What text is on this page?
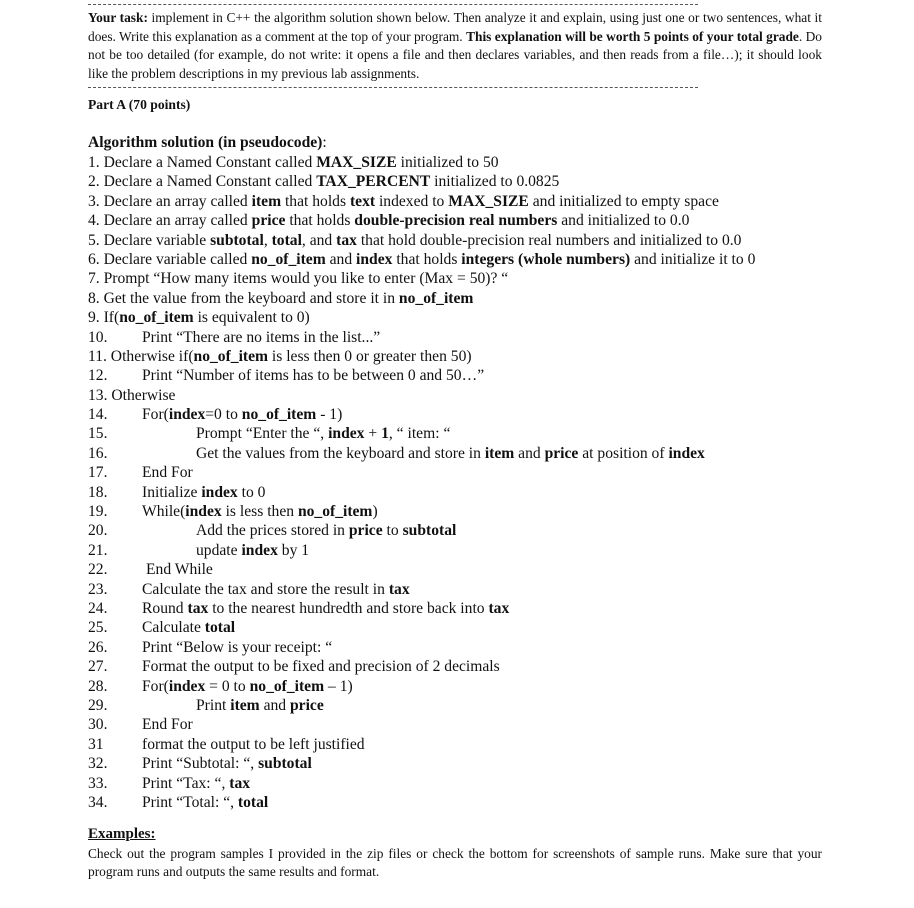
Your task: implement in C++ the algorithm solution shown below. Then analyze it and explain, using just one or two sentences, what it does. Write this explanation as a comment at the top of your program. This explanation will be worth 5 points of your total grade. Do not be too detailed (for example, do not write: it opens a file and then declares variables, and then reads from a file…); it should look like the problem descriptions in my previous lab assignments.
Part A (70 points)
Algorithm solution (in pseudocode):
1. Declare a Named Constant called MAX_SIZE initialized to 50
2. Declare a Named Constant called TAX_PERCENT initialized to 0.0825
3. Declare an array called item that holds text indexed to MAX_SIZE and initialized to empty space
4. Declare an array called price that holds double-precision real numbers and initialized to 0.0
5. Declare variable subtotal, total, and tax that hold double-precision real numbers and initialized to 0.0
6. Declare variable called no_of_item and index that holds integers (whole numbers) and initialize it to 0
7. Prompt “How many items would you like to enter (Max = 50)? “
8. Get the value from the keyboard and store it in no_of_item
9. If(no_of_item is equivalent to 0)
10. Print “There are no items in the list...”
11. Otherwise if(no_of_item is less then 0 or greater then 50)
12. Print “Number of items has to be between 0 and 50…”
13. Otherwise
14. For(index=0 to no_of_item - 1)
15.	Prompt “Enter the “, index + 1, “ item: “
16.	Get the values from the keyboard and store in item and price at position of index
17. End For
18. Initialize index to 0
19. While(index is less then no_of_item)
20.	Add the prices stored in price to subtotal
21.	update index by 1
22. End While
23. Calculate the tax and store the result in tax
24. Round tax to the nearest hundredth and store back into tax
25. Calculate total
26. Print “Below is your receipt: “
27. Format the output to be fixed and precision of 2 decimals
28. For(index = 0 to no_of_item – 1)
29.	Print item and price
30. End For
31 format the output to be left justified
32. Print “Subtotal: “, subtotal
33. Print “Tax: “, tax
34. Print “Total: “, total
Examples:
Check out the program samples I provided in the zip files or check the bottom for screenshots of sample runs. Make sure that your program runs and outputs the same results and format.
